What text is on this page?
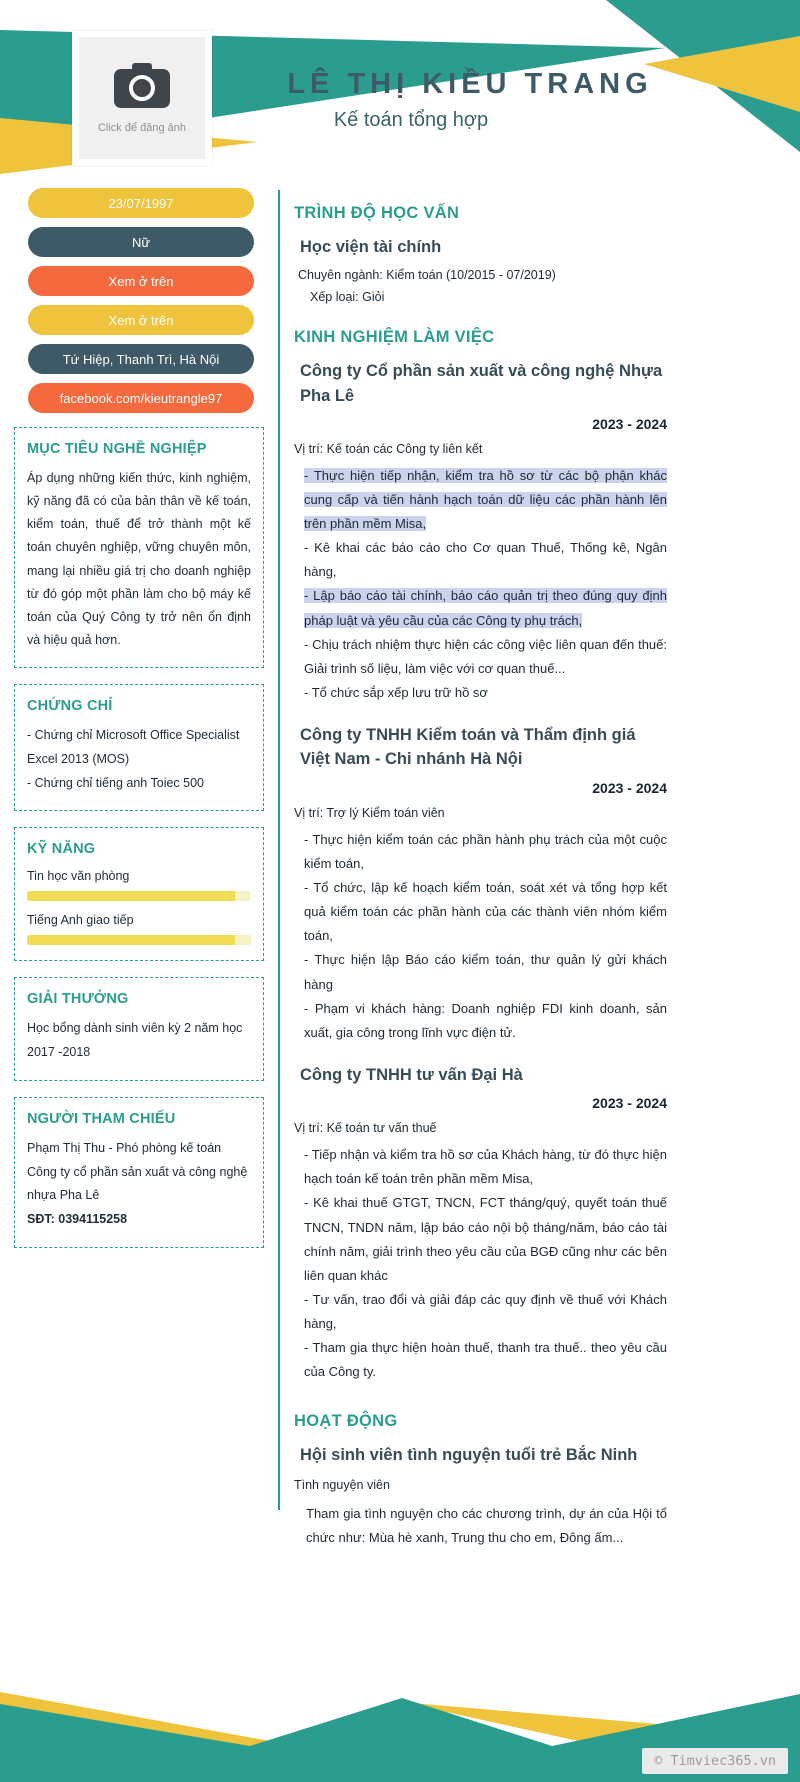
Click để đăng ảnh
LÊ THỊ KIỀU TRANG
Kế toán tổng hợp
23/07/1997
Nữ
Xem ở trên
Xem ở trên
Tứ Hiệp, Thanh Trì, Hà Nội
facebook.com/kieutrangle97
MỤC TIÊU NGHỀ NGHIỆP
Áp dụng những kiến thức, kinh nghiệm, kỹ năng đã có của bản thân về kế toán, kiểm toán, thuế để trở thành một kế toán chuyên nghiệp, vững chuyên môn, mang lại nhiều giá trị cho doanh nghiệp từ đó góp một phần làm cho bộ máy kế toán của Quý Công ty trở nên ổn định và hiệu quả hơn.
CHỨNG CHỈ
- Chứng chỉ Microsoft Office Specialist Excel 2013 (MOS)
- Chứng chỉ tiếng anh Toiec 500
KỸ NĂNG
Tin học văn phòng
Tiếng Anh giao tiếp
GIẢI THƯỞNG
Học bổng dành sinh viên kỳ 2 năm học 2017 -2018
NGƯỜI THAM CHIẾU
Phạm Thị Thu - Phó phòng kế toán
Công ty cổ phần sản xuất và công nghệ nhựa Pha Lê
SĐT: 0394115258
TRÌNH ĐỘ HỌC VẤN
Học viện tài chính
Chuyên ngành: Kiểm toán (10/2015 - 07/2019)
Xếp loại: Giỏi
KINH NGHIỆM LÀM VIỆC
Công ty Cổ phần sản xuất và công nghệ Nhựa Pha Lê
2023 - 2024
Vị trí: Kế toán các Công ty liên kết
- Thực hiện tiếp nhận, kiểm tra hồ sơ từ các bộ phận khác cung cấp và tiến hành hạch toán dữ liệu các phần hành lên trên phần mềm Misa,
- Kê khai các báo cáo cho Cơ quan Thuế, Thống kê, Ngân hàng,
- Lập báo cáo tài chính, báo cáo quản trị theo đúng quy định pháp luật và yêu cầu của các Công ty phụ trách,
- Chịu trách nhiệm thực hiện các công việc liên quan đến thuế: Giải trình số liệu, làm việc với cơ quan thuế...
- Tổ chức sắp xếp lưu trữ hồ sơ
Công ty TNHH Kiểm toán và Thẩm định giá Việt Nam - Chi nhánh Hà Nội
2023 - 2024
Vị trí: Trợ lý Kiểm toán viên
- Thực hiện kiểm toán các phần hành phụ trách của một cuộc kiểm toán,
- Tổ chức, lập kế hoạch kiểm toán, soát xét và tổng hợp kết quả kiểm toán các phần hành của các thành viên nhóm kiểm toán,
- Thực hiện lập Báo cáo kiểm toán, thư quản lý gửi khách hàng
- Phạm vi khách hàng: Doanh nghiệp FDI kinh doanh, sản xuất, gia công trong lĩnh vực điện tử.
Công ty TNHH tư vấn Đại Hà
2023 - 2024
Vị trí: Kế toán tư vấn thuế
- Tiếp nhận và kiểm tra hồ sơ của Khách hàng, từ đó thực hiện hạch toán kế toán trên phần mềm Misa,
- Kê khai thuế GTGT, TNCN, FCT tháng/quý, quyết toán thuế TNCN, TNDN năm, lập báo cáo nội bộ tháng/năm, báo cáo tài chính năm, giải trình theo yêu cầu của BGĐ cũng như các bên liên quan khác
- Tư vấn, trao đổi và giải đáp các quy định về thuế với Khách hàng,
- Tham gia thực hiện hoàn thuế, thanh tra thuế.. theo yêu cầu của Công ty.
HOẠT ĐỘNG
Hội sinh viên tình nguyện tuổi trẻ Bắc Ninh
Tình nguyện viên
Tham gia tình nguyện cho các chương trình, dự án của Hội tổ chức như: Mùa hè xanh, Trung thu cho em, Đông ấm...
© Timviec365.vn
